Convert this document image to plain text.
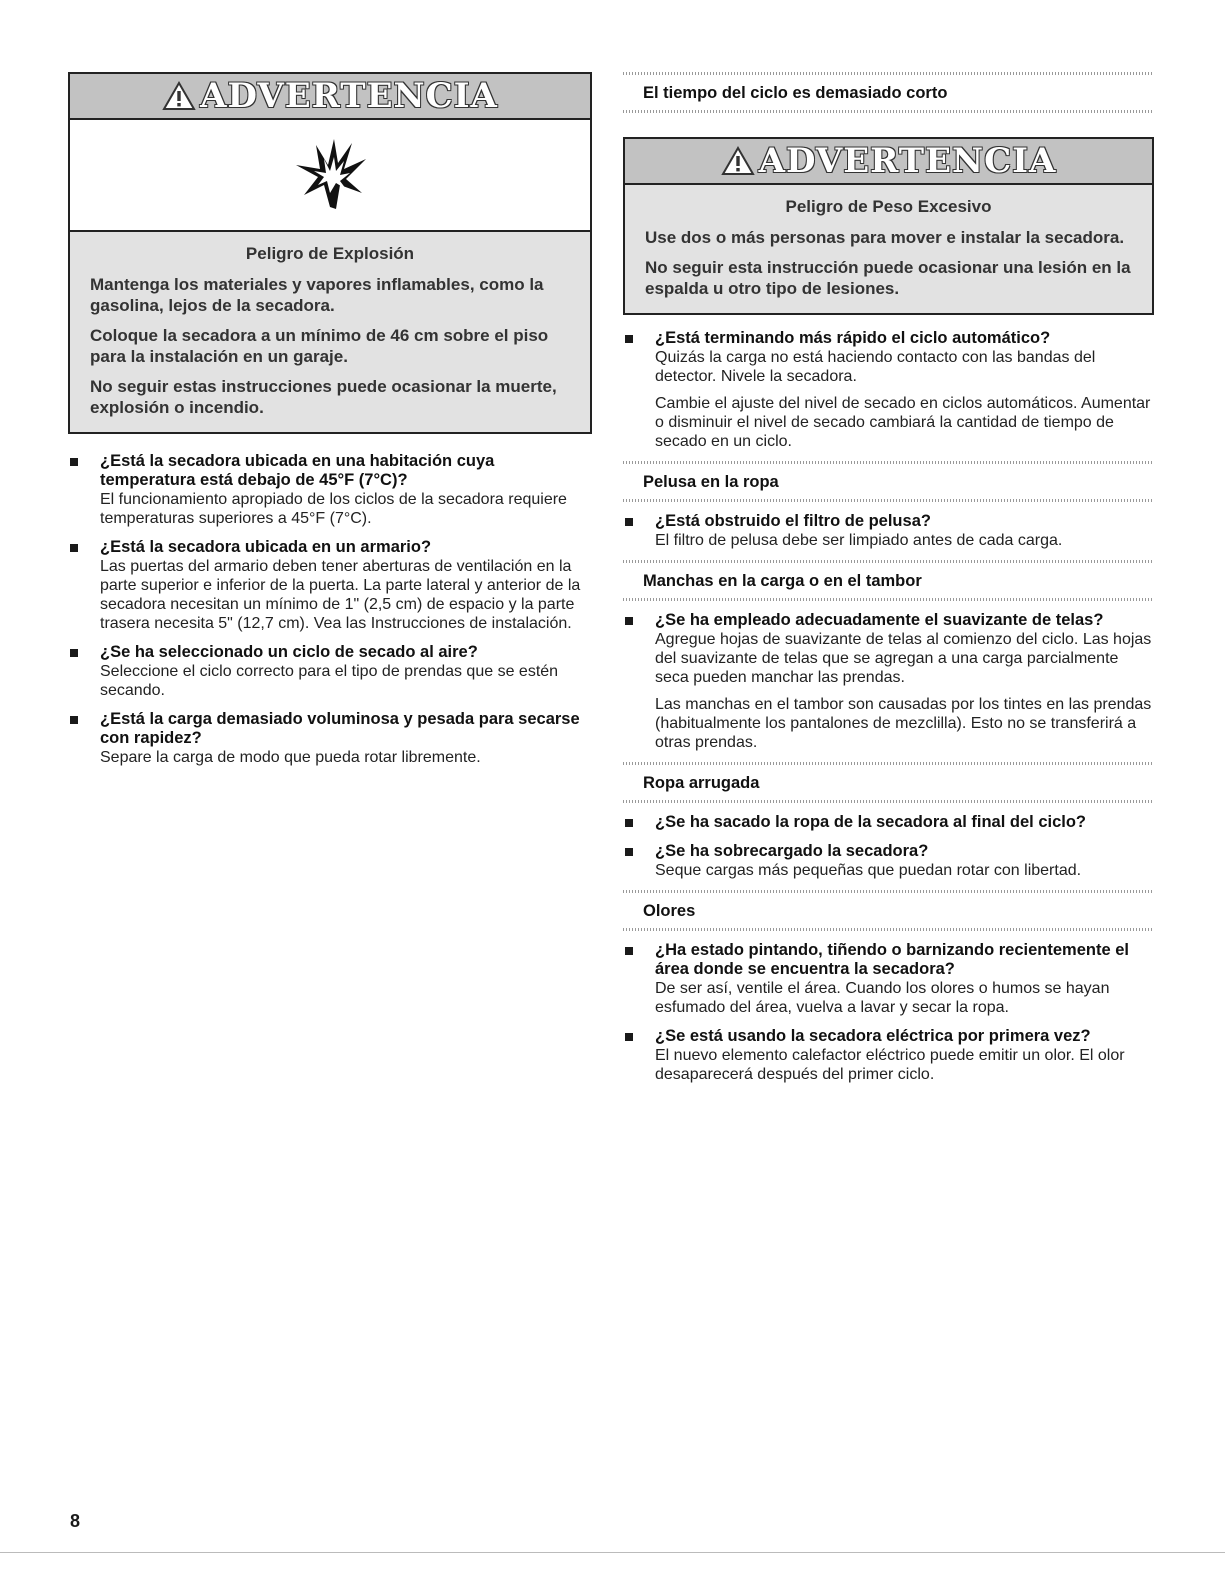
ADVERTENCIA
Peligro de Explosión

Mantenga los materiales y vapores inflamables, como la gasolina, lejos de la secadora.

Coloque la secadora a un mínimo de 46 cm sobre el piso para la instalación en un garaje.

No seguir estas instrucciones puede ocasionar la muerte, explosión o incendio.

¿Está la secadora ubicada en una habitación cuya temperatura está debajo de 45°F (7°C)?
El funcionamiento apropiado de los ciclos de la secadora requiere temperaturas superiores a 45°F (7°C).
¿Está la secadora ubicada en un armario?
Las puertas del armario deben tener aberturas de ventilación en la parte superior e inferior de la puerta. La parte lateral y anterior de la secadora necesitan un mínimo de 1" (2,5 cm) de espacio y la parte trasera necesita 5" (12,7 cm). Vea las Instrucciones de instalación.
¿Se ha seleccionado un ciclo de secado al aire?
Seleccione el ciclo correcto para el tipo de prendas que se estén secando.
¿Está la carga demasiado voluminosa y pesada para secarse con rapidez?
Separe la carga de modo que pueda rotar libremente.
El tiempo del ciclo es demasiado corto
ADVERTENCIA
Peligro de Peso Excesivo

Use dos o más personas para mover e instalar la secadora.

No seguir esta instrucción puede ocasionar una lesión en la espalda u otro tipo de lesiones.

¿Está terminando más rápido el ciclo automático?
Quizás la carga no está haciendo contacto con las bandas del detector. Nivele la secadora.
Cambie el ajuste del nivel de secado en ciclos automáticos. Aumentar o disminuir el nivel de secado cambiará la cantidad de tiempo de secado en un ciclo.
Pelusa en la ropa
¿Está obstruido el filtro de pelusa?
El filtro de pelusa debe ser limpiado antes de cada carga.
Manchas en la carga o en el tambor
¿Se ha empleado adecuadamente el suavizante de telas?
Agregue hojas de suavizante de telas al comienzo del ciclo. Las hojas del suavizante de telas que se agregan a una carga parcialmente seca pueden manchar las prendas.
Las manchas en el tambor son causadas por los tintes en las prendas (habitualmente los pantalones de mezclilla). Esto no se transferirá a otras prendas.
Ropa arrugada
¿Se ha sacado la ropa de la secadora al final del ciclo?
¿Se ha sobrecargado la secadora?
Seque cargas más pequeñas que puedan rotar con libertad.
Olores
¿Ha estado pintando, tiñendo o barnizando recientemente el área donde se encuentra la secadora?
De ser así, ventile el área. Cuando los olores o humos se hayan esfumado del área, vuelva a lavar y secar la ropa.
¿Se está usando la secadora eléctrica por primera vez?
El nuevo elemento calefactor eléctrico puede emitir un olor. El olor desaparecerá después del primer ciclo.
8
